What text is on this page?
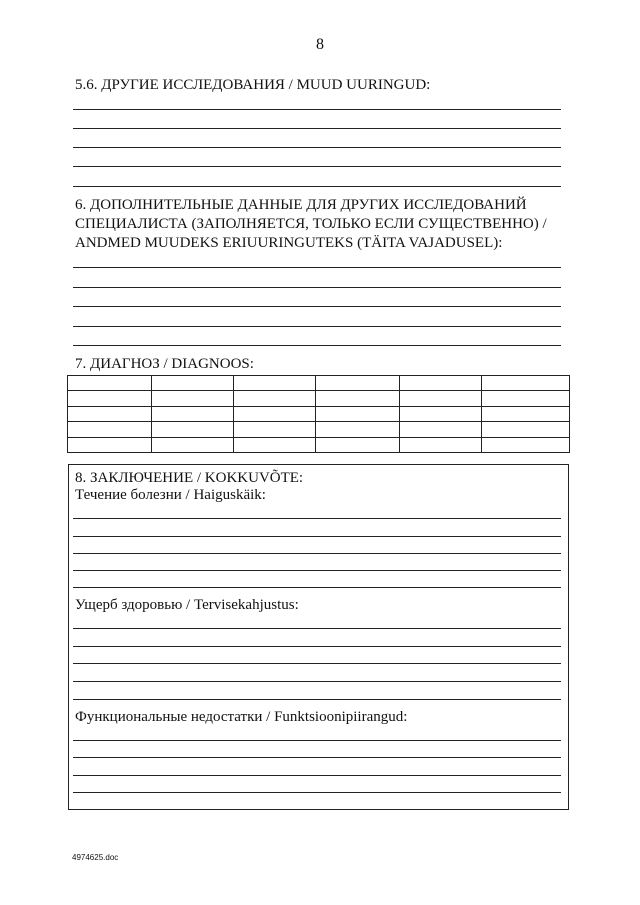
8
5.6. ДРУГИЕ ИССЛЕДОВАНИЯ / MUUD UURINGUD:
6. ДОПОЛНИТЕЛЬНЫЕ ДАННЫЕ ДЛЯ ДРУГИХ ИССЛЕДОВАНИЙ
СПЕЦИАЛИСТА (ЗАПОЛНЯЕТСЯ, ТОЛЬКО ЕСЛИ СУЩЕСТВЕННО) /
ANDMED MUUDEKS ERIUURINGUTEKS (TÄITA VAJADUSEL):
7. ДИАГНОЗ / DIAGNOOS:

8. ЗАКЛЮЧЕНИЕ / KOKKUVÕTE:
Течение болезни / Haiguskäik:
Ущерб здоровью / Tervisekahjustus:
Функциональные недостатки / Funktsioonipiirangud:
4974625.doc
